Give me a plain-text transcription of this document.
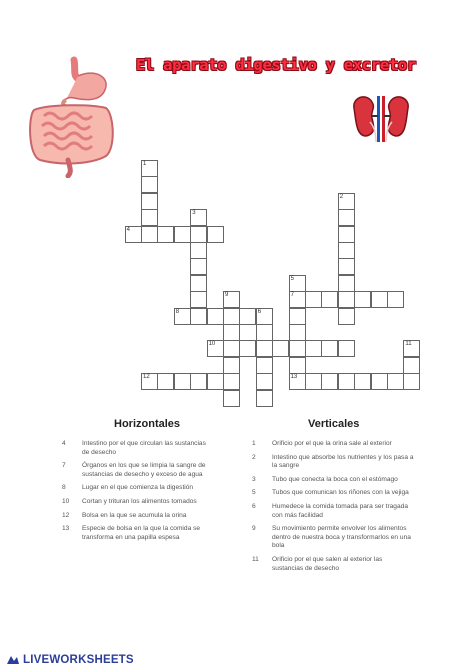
El aparato digestivo y excretor
1
2
3
4
5
7
6
8
9
10	11
12	13
Horizontales	Verticales
4	Intestino por el que circulan las sustancias de desecho
7	Órganos en los que se limpia la sangre de sustancias de desecho y exceso de agua
8	Lugar en el que comienza la digestión
10	Cortan y trituran los alimentos tomados
12	Bolsa en la que se acumula la orina
13	Especie de bolsa en la que la comida se transforma en una papilla espesa
1	Orificio por el que la orina sale al exterior
2	Intestino que absorbe los nutrientes y los pasa a la sangre
3	Tubo que conecta la boca con el estómago
5	Tubos que comunican los riñones con la vejiga
6	Humedece la comida tomada para ser tragada con más facilidad
9	Su movimiento permite envolver los alimentos dentro de nuestra boca y transformarlos en una bola
11	Orificio por el que salen al exterior las sustancias de desecho
LIVEWORKSHEETS
